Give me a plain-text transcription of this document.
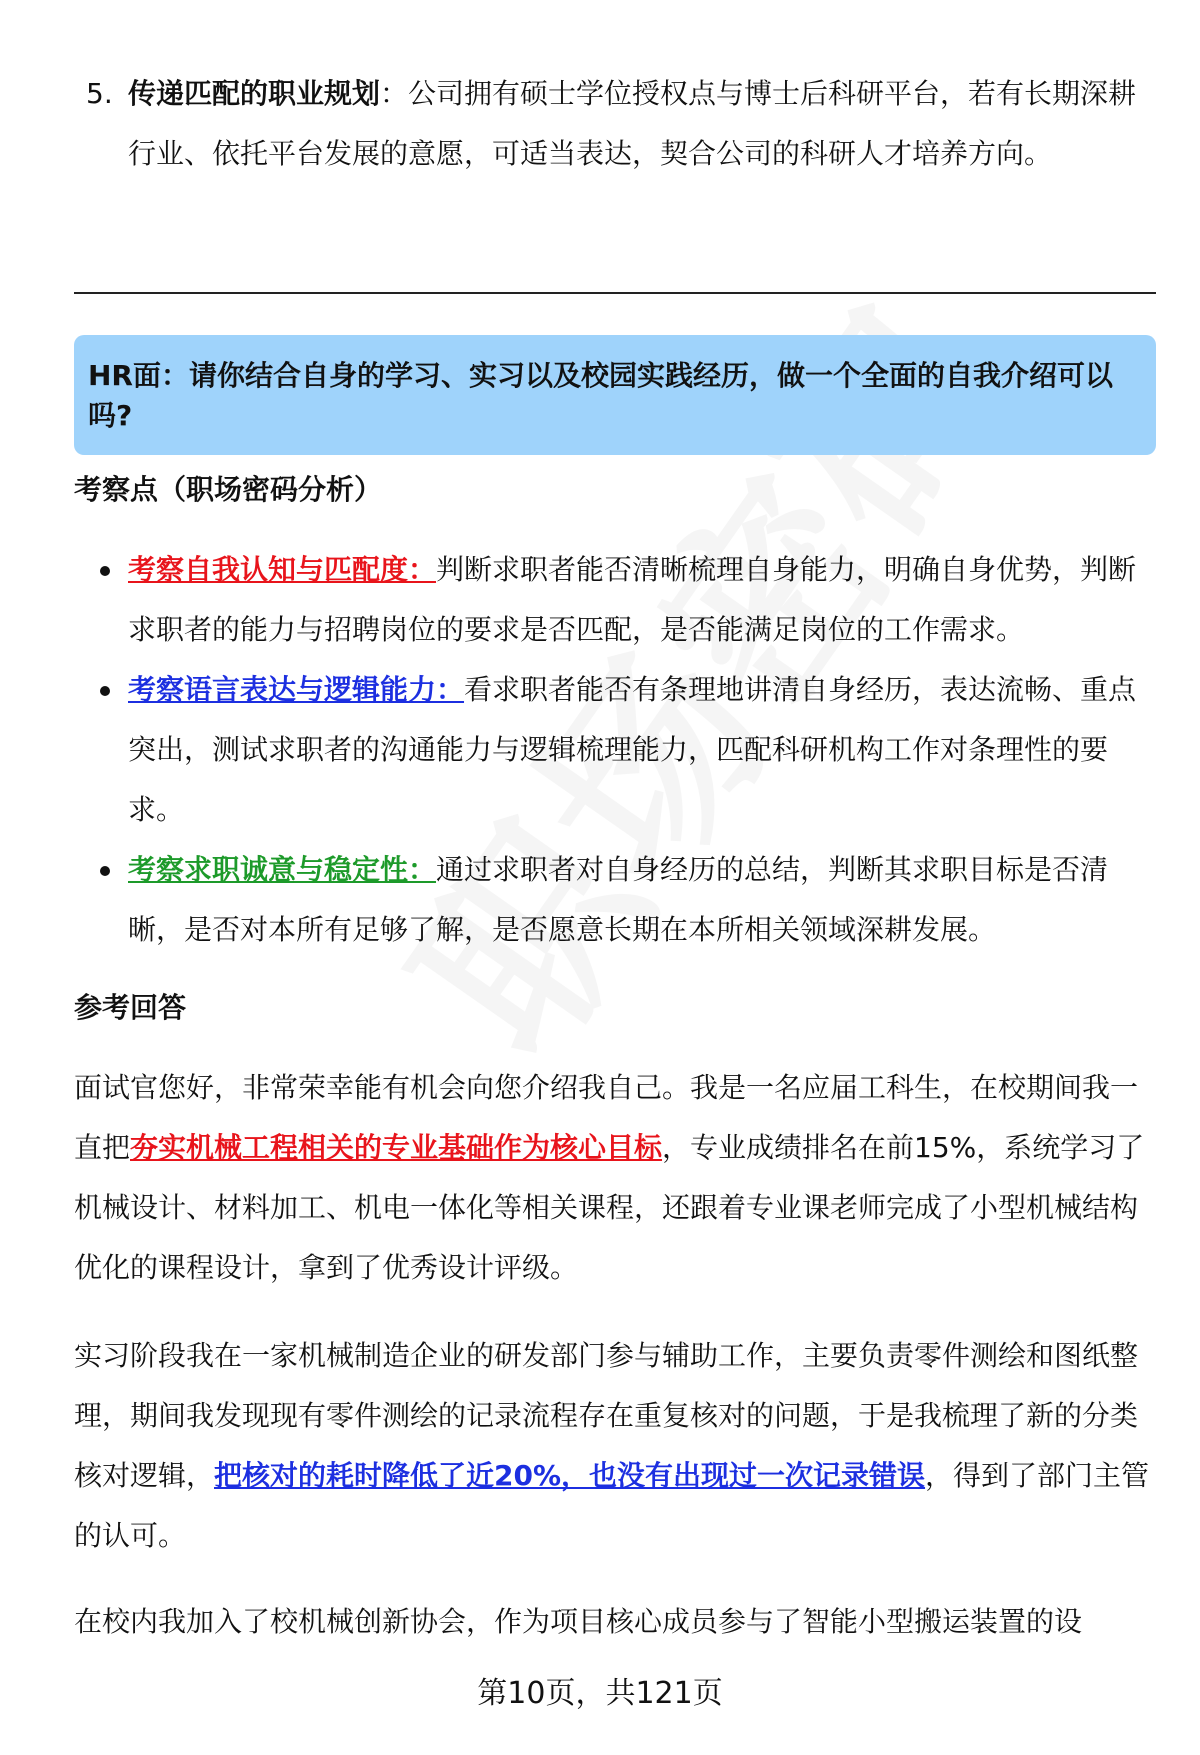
5. 传递匹配的职业规划：公司拥有硕士学位授权点与博士后科研平台，若有长期深耕行业、依托平台发展的意愿，可适当表达，契合公司的科研人才培养方向。
HR面：请你结合自身的学习、实习以及校园实践经历，做一个全面的自我介绍可以吗?
考察点（职场密码分析）
考察自我认知与匹配度：判断求职者能否清晰梳理自身能力，明确自身优势，判断求职者的能力与招聘岗位的要求是否匹配，是否能满足岗位的工作需求。
考察语言表达与逻辑能力：看求职者能否有条理地讲清自身经历，表达流畅、重点突出，测试求职者的沟通能力与逻辑梳理能力，匹配科研机构工作对条理性的要求。
考察求职诚意与稳定性：通过求职者对自身经历的总结，判断其求职目标是否清晰，是否对本所有足够了解，是否愿意长期在本所相关领域深耕发展。
参考回答

面试官您好，非常荣幸能有机会向您介绍我自己。我是一名应届工科生，在校期间我一直把夯实机械工程相关的专业基础作为核心目标，专业成绩排名在前15%，系统学习了机械设计、材料加工、机电一体化等相关课程，还跟着专业课老师完成了小型机械结构优化的课程设计，拿到了优秀设计评级。

实习阶段我在一家机械制造企业的研发部门参与辅助工作，主要负责零件测绘和图纸整理，期间我发现现有零件测绘的记录流程存在重复核对的问题，于是我梳理了新的分类核对逻辑，把核对的耗时降低了近20%，也没有出现过一次记录错误，得到了部门主管的认可。

在校内我加入了校机械创新协会，作为项目核心成员参与了智能小型搬运装置的设

第10页，共121页
